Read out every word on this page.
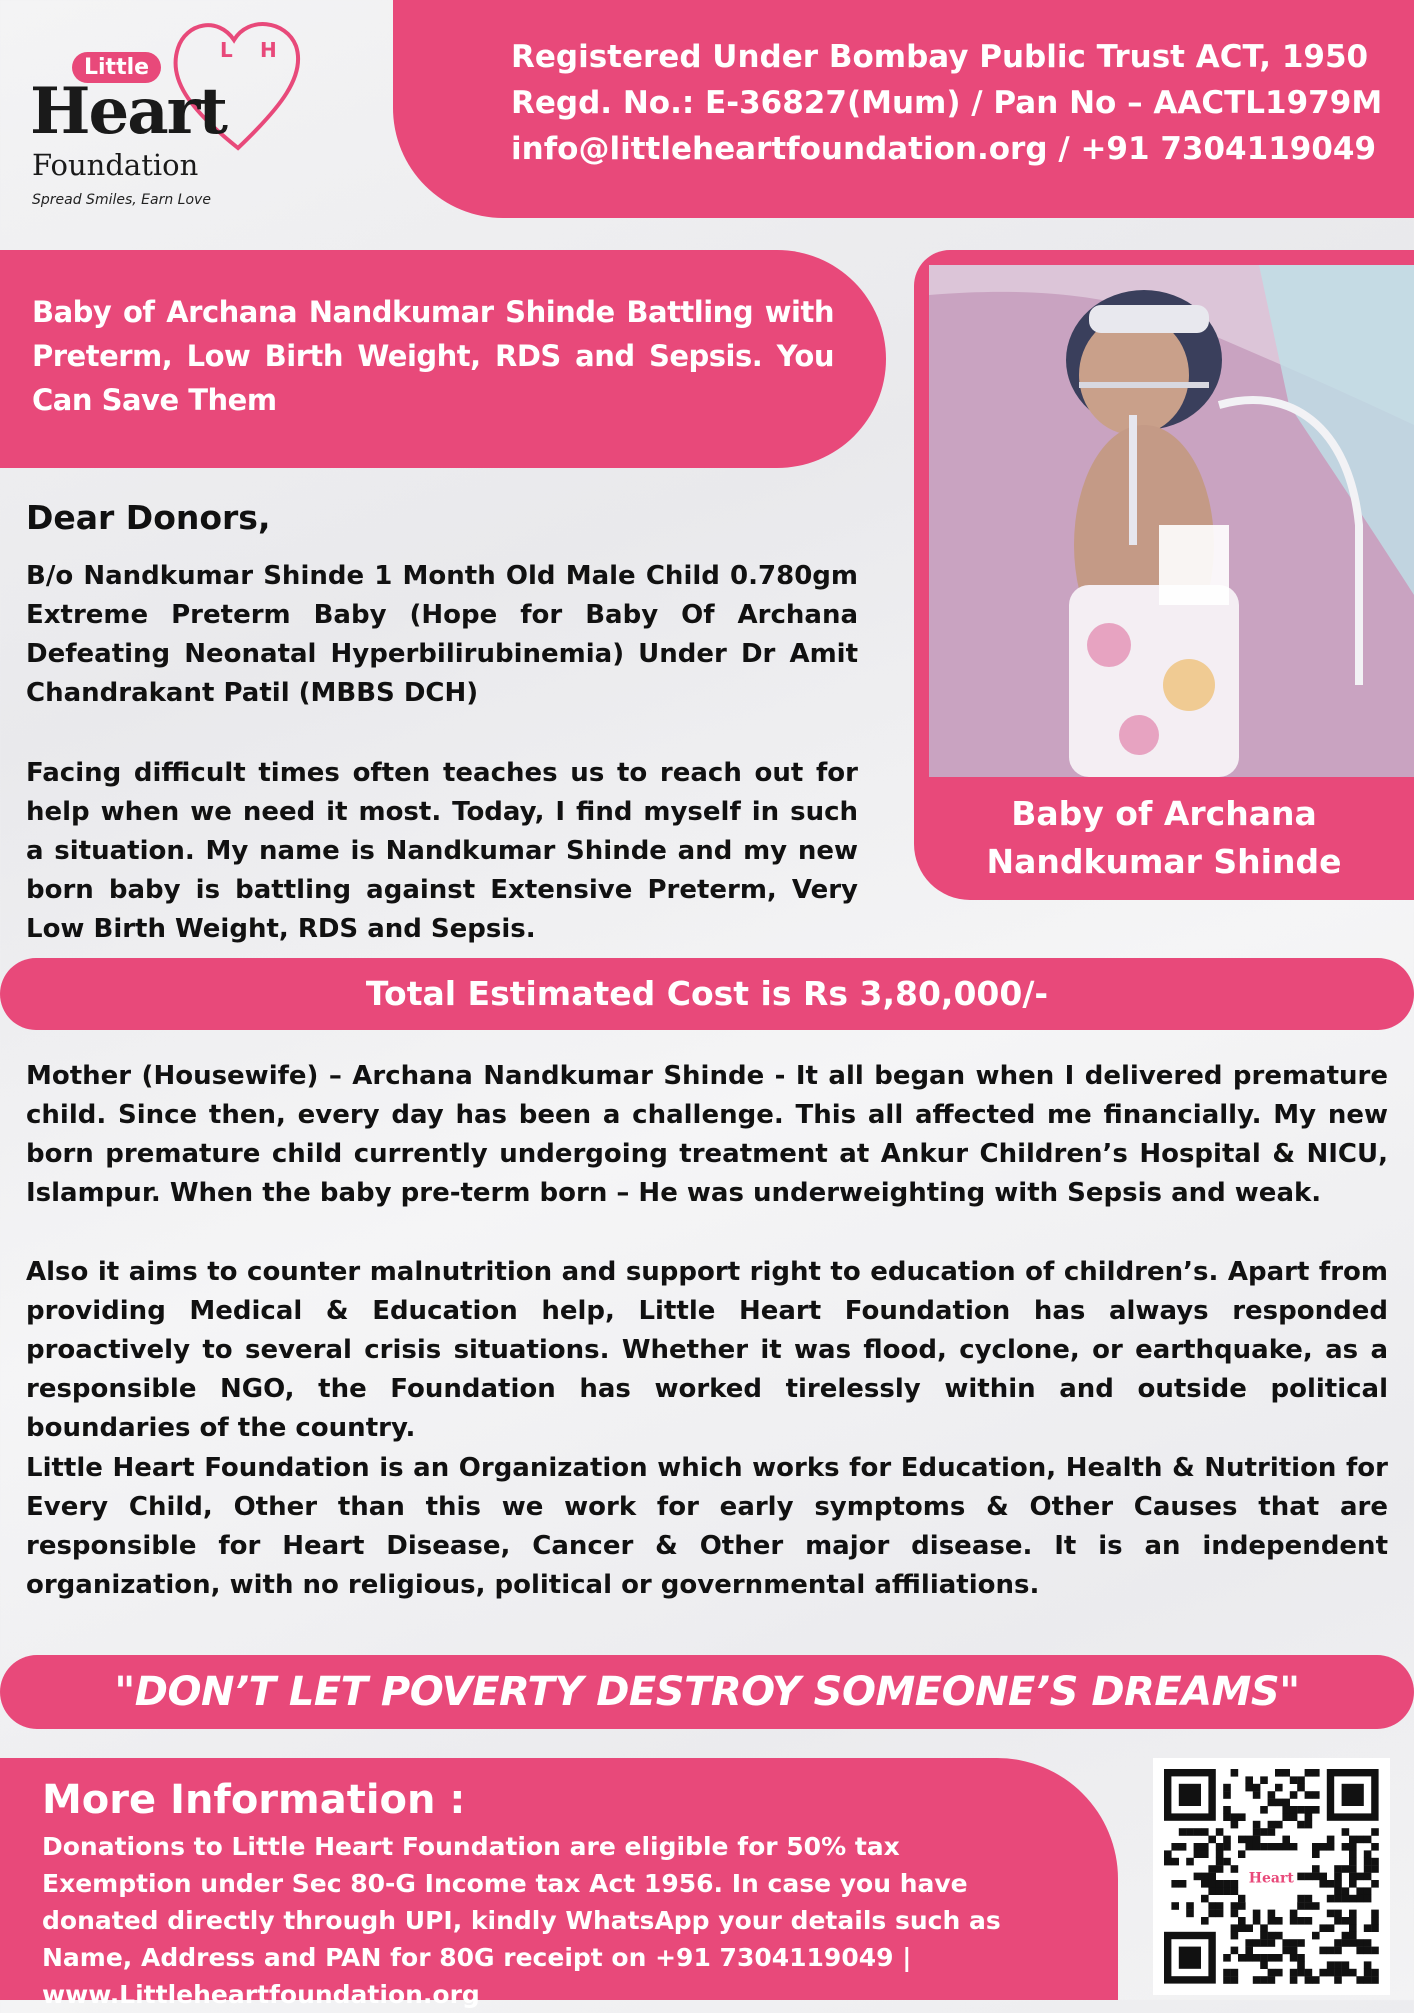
L H
Little
Heart
Foundation
Spread Smiles, Earn Love
Registered Under Bombay Public Trust ACT, 1950
Regd. No.: E-36827(Mum) / Pan No – AACTL1979M
info@littleheartfoundation.org / +91 7304119049
Baby of Archana Nandkumar Shinde Battling with Preterm, Low Birth Weight, RDS and Sepsis. You Can Save Them
Baby of Archana
Nandkumar Shinde
Dear Donors,
B/o Nandkumar Shinde 1 Month Old Male Child 0.780gm Extreme Preterm Baby (Hope for Baby Of Archana Defeating Neonatal Hyperbilirubinemia) Under Dr Amit Chandrakant Patil (MBBS DCH)
Facing difficult times often teaches us to reach out for help when we need it most. Today, I find myself in such a situation. My name is Nandkumar Shinde and my new born baby is battling against Extensive Preterm, Very Low Birth Weight, RDS and Sepsis.
Total Estimated Cost is Rs 3,80,000/-
Mother (Housewife) – Archana Nandkumar Shinde - It all began when I delivered premature child. Since then, every day has been a challenge. This all affected me financially. My new born premature child currently undergoing treatment at Ankur Children’s Hospital & NICU, Islampur. When the baby pre-term born – He was underweighting with Sepsis and weak.
Also it aims to counter malnutrition and support right to education of children’s. Apart from providing Medical & Education help, Little Heart Foundation has always responded proactively to several crisis situations. Whether it was flood, cyclone, or earthquake, as a responsible NGO, the Foundation has worked tirelessly within and outside political boundaries of the country.
Little Heart Foundation is an Organization which works for Education, Health & Nutrition for Every Child, Other than this we work for early symptoms & Other Causes that are responsible for Heart Disease, Cancer & Other major disease. It is an independent organization, with no religious, political or governmental affiliations.
"DON’T LET POVERTY DESTROY SOMEONE’S DREAMS"
More Information :
Donations to Little Heart Foundation are eligible for 50% tax Exemption under Sec 80-G Income tax Act 1956. In case you have donated directly through UPI, kindly WhatsApp your details such as Name, Address and PAN for 80G receipt on +91 7304119049 | www.Littleheartfoundation.org
Heart
